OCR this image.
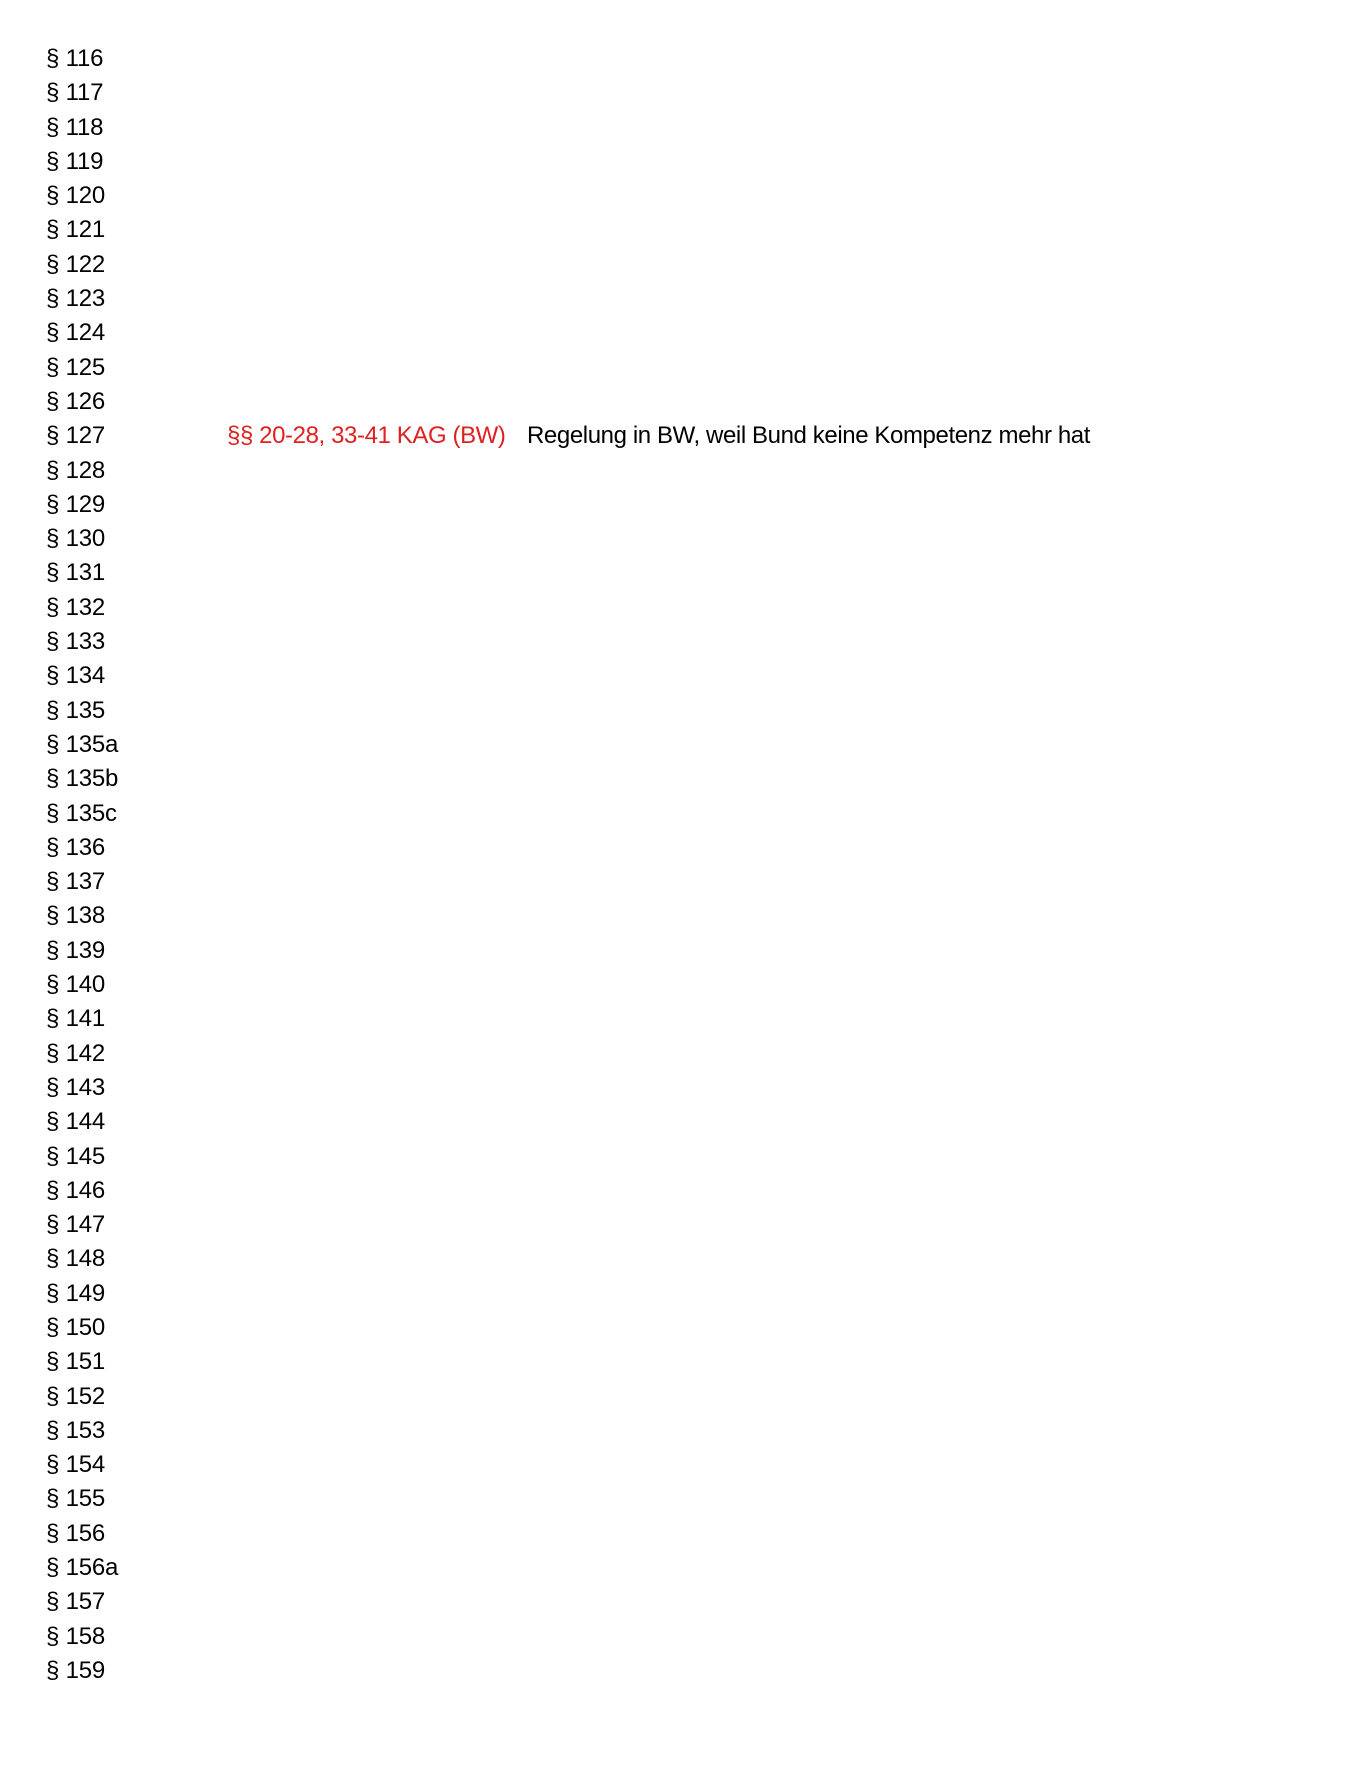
§ 116
§ 117
§ 118
§ 119
§ 120
§ 121
§ 122
§ 123
§ 124
§ 125
§ 126
§ 127	§§ 20-28, 33-41 KAG (BW) Regelung in BW, weil Bund keine Kompetenz mehr hat
§ 128
§ 129
§ 130
§ 131
§ 132
§ 133
§ 134
§ 135
§ 135a
§ 135b
§ 135c
§ 136
§ 137
§ 138
§ 139
§ 140
§ 141
§ 142
§ 143
§ 144
§ 145
§ 146
§ 147
§ 148
§ 149
§ 150
§ 151
§ 152
§ 153
§ 154
§ 155
§ 156
§ 156a
§ 157
§ 158
§ 159
